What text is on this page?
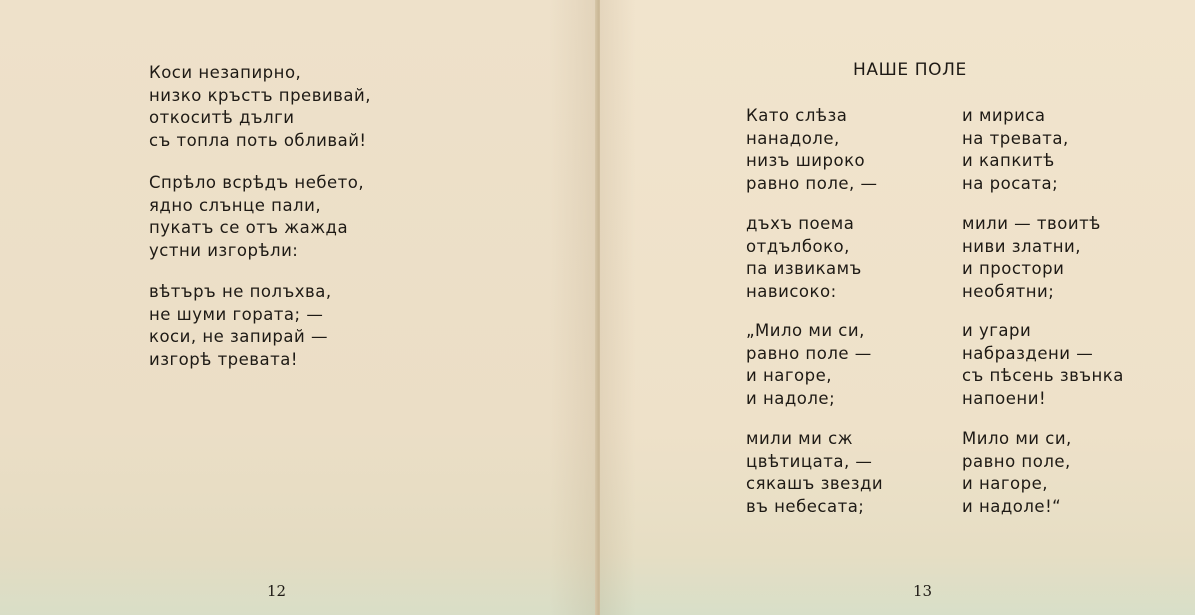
Коси незапирно,
низко кръстъ превивай,
откоситѣ дълги
съ топла поть обливай!
Спрѣло всрѣдъ небето,
ядно слънце пали,
пукатъ се отъ жажда
устни изгорѣли:
вѣтъръ не полъхва,
не шуми гората; —
коси, не запирай —
изгорѣ тревата!
12
НАШЕ ПОЛЕ
Като слѣза
нанадоле,
низъ широко
равно поле, —
дъхъ поема
отдълбоко,
па извикамъ
нависоко:
„Мило ми си,
равно поле —
и нагоре,
и надоле;
мили ми сж
цвѣтицата, —
сякашъ звезди
въ небесата;
и мириса
на тревата,
и капкитѣ
на росата;
мили — твоитѣ
ниви златни,
и простори
необятни;
и угари
набраздени —
съ пѣсень звънка
напоени!
Мило ми си,
равно поле,
и нагоре,
и надоле!“
13
